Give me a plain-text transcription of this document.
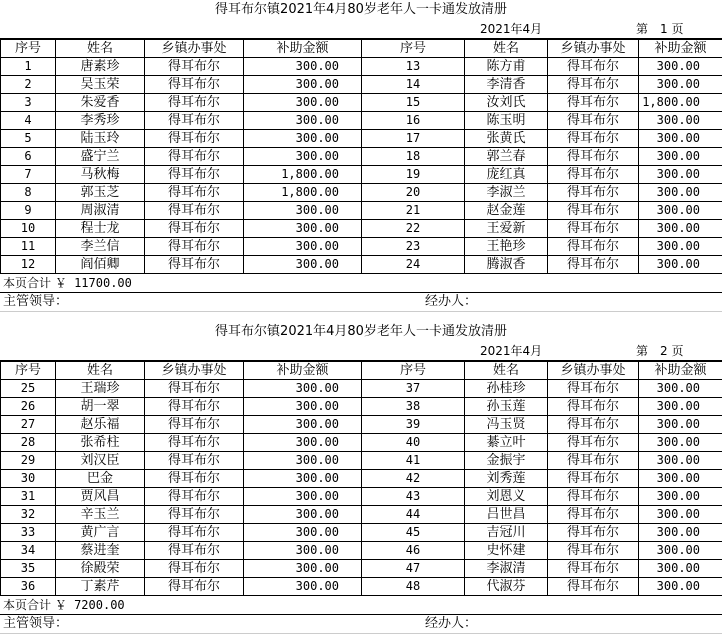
得耳布尔镇2021年4月80岁老年人一卡通发放清册
2021年4月	第　1 页
序号	姓名	乡镇办事处	补助金额	序号	姓名	乡镇办事处	补助金额
1	唐素珍	得耳布尔	300.00	13	陈方甫	得耳布尔	300.00
2	吴玉荣	得耳布尔	300.00	14	李清香	得耳布尔	300.00
3	朱爱香	得耳布尔	300.00	15	汝刘氏	得耳布尔	1,800.00
4	李秀珍	得耳布尔	300.00	16	陈玉明	得耳布尔	300.00
5	陆玉玲	得耳布尔	300.00	17	张黄氏	得耳布尔	300.00
6	盛宁兰	得耳布尔	300.00	18	郭兰春	得耳布尔	300.00
7	马秋梅	得耳布尔	1,800.00	19	庞红真	得耳布尔	300.00
8	郭玉芝	得耳布尔	1,800.00	20	李淑兰	得耳布尔	300.00
9	周淑清	得耳布尔	300.00	21	赵金莲	得耳布尔	300.00
10	程士龙	得耳布尔	300.00	22	王爱新	得耳布尔	300.00
11	李兰信	得耳布尔	300.00	23	王艳珍	得耳布尔	300.00
12	阎佰卿	得耳布尔	300.00	24	腾淑香	得耳布尔	300.00
本页合计 ￥ 11700.00
主管领导：	经办人：
得耳布尔镇2021年4月80岁老年人一卡通发放清册
2021年4月	第　2 页
序号	姓名	乡镇办事处	补助金额	序号	姓名	乡镇办事处	补助金额
25	王瑞珍	得耳布尔	300.00	37	孙桂珍	得耳布尔	300.00
26	胡一翠	得耳布尔	300.00	38	孙玉莲	得耳布尔	300.00
27	赵乐福	得耳布尔	300.00	39	冯玉贤	得耳布尔	300.00
28	张希柱	得耳布尔	300.00	40	綦立叶	得耳布尔	300.00
29	刘汉臣	得耳布尔	300.00	41	金振宇	得耳布尔	300.00
30	巴金	得耳布尔	300.00	42	刘秀莲	得耳布尔	300.00
31	贾风昌	得耳布尔	300.00	43	刘恩义	得耳布尔	300.00
32	辛玉兰	得耳布尔	300.00	44	吕世昌	得耳布尔	300.00
33	黄广言	得耳布尔	300.00	45	吉冠川	得耳布尔	300.00
34	蔡进奎	得耳布尔	300.00	46	史怀建	得耳布尔	300.00
35	徐殿荣	得耳布尔	300.00	47	李淑清	得耳布尔	300.00
36	丁素芹	得耳布尔	300.00	48	代淑芬	得耳布尔	300.00
本页合计 ￥ 7200.00
主管领导：	经办人：
